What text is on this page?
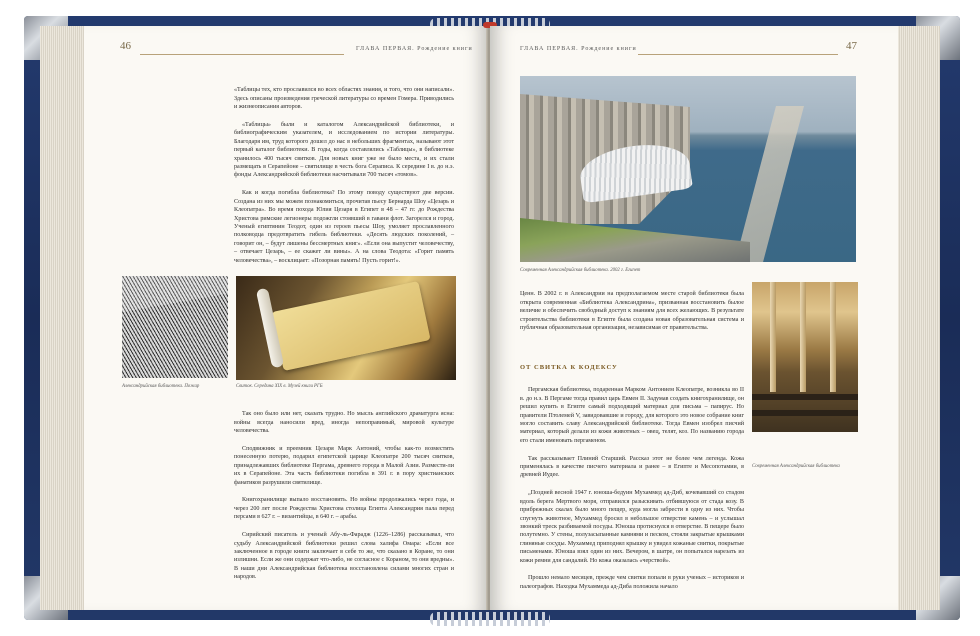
46	ГЛАВА ПЕРВАЯ. Рождение книги

«Таблицы тех, кто прославился во всех областях знания, и того, что они написали». Здесь описаны произведения греческой литературы со времен Гомера. Приводились и жизнеописания авторов.

«Таблицы» были и каталогом Александрийской библиотеки, и библиографическим указателем, и исследованием по истории литературы. Благодаря им, труд которого дошел до нас в небольших фрагментах, называют этот первый каталог библиотеки. В годы, когда составлялись «Таблицы», в библиотеке хранилось 400 тысяч свитков. Для новых книг уже не было места, и их стали размещать в Серапейоне – святилище в честь бога Сераписа. К середине I в. до н.э. фонды Александрийской библиотеки насчитывали 700 тысяч «томов».

Как и когда погибла библиотека? По этому поводу существуют две версии. Создана из них мы можем познакомиться, прочитав пьесу Бернарда Шоу «Цезарь и Клеопатра». Во время похода Юлия Цезаря в Египет в 48 – 47 гг. до Рождества Христова римские легионеры подожгли стоявший в гавани флот. Загорелся и город. Ученый египтянин Теодот, один из героев пьесы Шоу, умоляет прославленного полководца предотвратить гибель библиотеки. «Десять людских поколений, – говорит он, – будут лишены бессмертных книг». «Если она выпустит человечеству, – отвечает Цезарь, – ее скажет ли вины». А на слова Теодота: «Горит память человечества», – восклицает: «Позорная память! Пусть горит!».

Александрийская библиотека. Пожар	Свиток. Середина XIX в. Музей книги РГБ

Так оно было или нет, сказать трудно. Но мысль английского драматурга ясна: войны всегда наносили вред, иногда непоправимый, мировой культуре человечества.

Сподвижник и преемник Цезаря Марк Антоний, чтобы как-то возместить понесенную потерю, подарил египетской царице Клеопатре 200 тысяч свитков, принадлежавших библиотеке Пергама, древнего города в Малой Азии. Размести-ли их в Серапейоне. Эта часть библиотеки погибла в 391 г. в пору христианских фанатиков разрушили святилище.

Книгохранилище выпало восстановить. Но войны продолжались через года, и через 200 лет после Рождества Христова столица Египта Александрия пала перед персами в 627 г. – византийцы, в 640 г. – арабы.

Сирийский писатель и ученый Абу-ль-Фарадж (1226–1286) рассказывал, что судьбу Александрийской библиотеки решил слова халифа Омара: «Если все заключенное в городе книги заключает в себе то же, что сказано в Коране, то они излишни. Если же они содержат что-либо, не согласное с Кораном, то они вредны». В наши дни Александрийская библиотека восстановлена силами многих стран и народов.

ГЛАВА ПЕРВАЯ. Рождение книги	47
Современная Александрийская библиотека. 2002 г. Египет

Ценн. В 2002 г. в Александрии на предполагаемом месте старой библиотеки была открыта современная «Библиотека Александрина», призванная восстановить былое величие и обеспечить свободный доступ к знаниям для всех желающих. В результате строительства библиотеки в Египте была создана новая образовательная система и публичная образовательная организация, независимая от правительства.

ОТ СВИТКА К КОДЕКСУ

Пергамская библиотека, подаренная Марком Антонием Клеопатре, возникла во II в. до н.э. В Пергаме тогда правил царь Евмен II. Задумав создать книгохранилище, он решил купить в Египте самый подходящий материал для письма – папирус. Но правители Птолемей V, завидовавшие и городу, для которого это новое собрание книг могло составить славу Александрийской библиотеке. Тогда Евмен изобрел писчий материал, который делали из кожи животных – овец, телят, коз. По названию города его стали именовать пергаменом.

Так рассказывает Плиний Старший. Рассказ этот не более чем легенда. Кожа применялась в качестве писчего материала и ранее – в Египте и Месопотамии, в древней Иудее.

„Поздней весной 1947 г. юноша-бедуин Мухаммед ад-Диб, кочевавший со стадом вдоль берега Мертвого моря, отправился разыскивать отбившуюся от стада козу. В прибрежных скалах было много пещер, куда могла забрести в одну из них. Чтобы спугнуть животное, Мухаммед бросил в небольшое отверстие камень – и услышал звонкий треск разбиваемой посуды. Юноша протиснулся в отверстие. В пещере было полутемно. У стены, полузасыпанные камнями и песком, стояли закрытые крышками глиняные сосуды. Мухаммед приподнял крышку и увидел кожаные свитки, покрытые письменами. Юноша взял один из них. Вечером, в шатре, он попытался нарезать из кожи ремни для сандалий. Но кожа оказалась «черствой».

Прошло немало месяцев, прежде чем свитки попали в руки ученых – историков и палеографов. Находка Мухаммеда ад-Диба положила начало

Современная Александрийская библиотека
